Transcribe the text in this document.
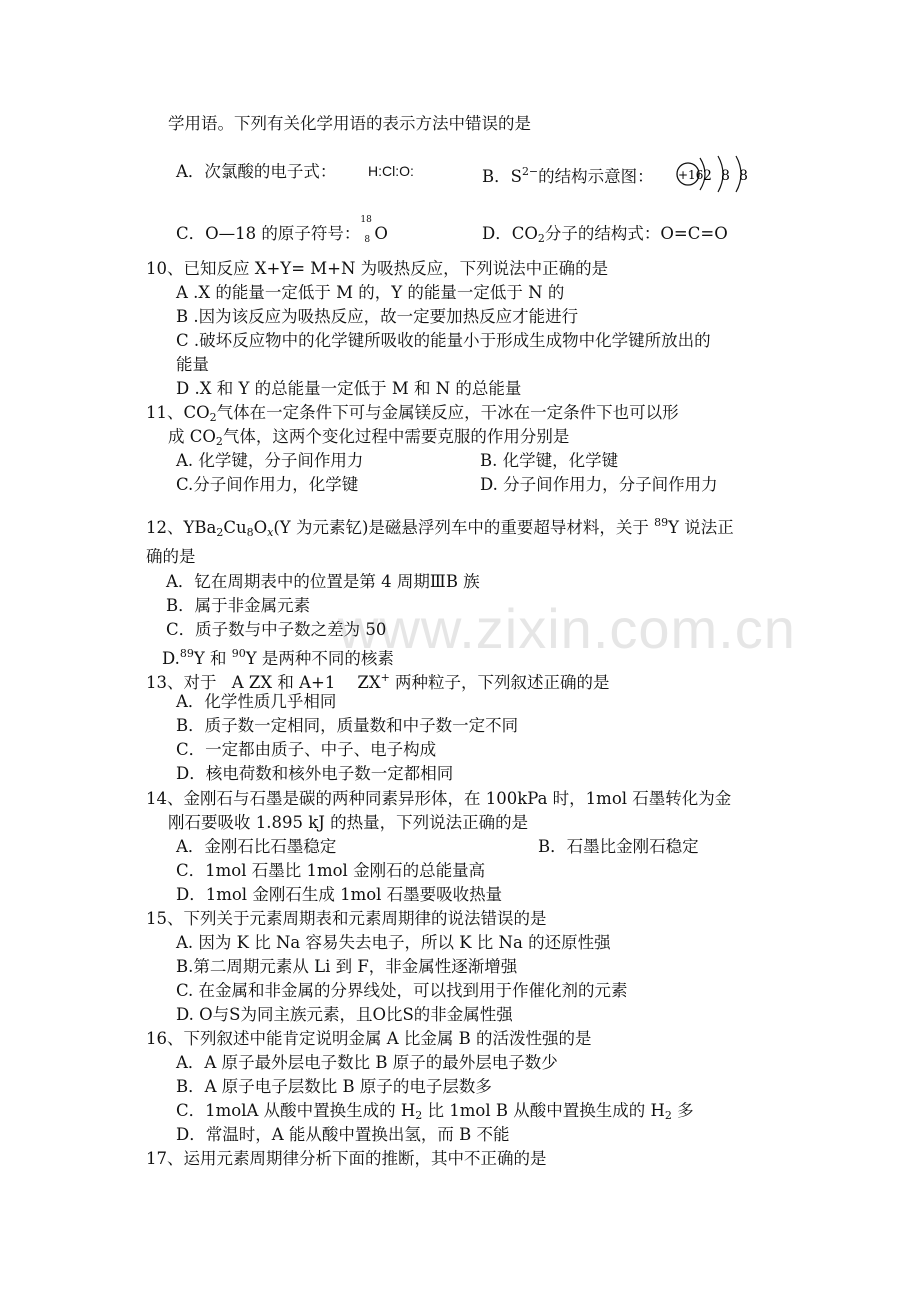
www.zixin.com.cn
学用语。下列有关化学用语的表示方法中错误的是
A．次氯酸的电子式： H:Cl:O:	B．$S^{2-}$的结构示意图： +16 2 8 8
C．O—18 的原子符号：
18
8 O	D．$CO_2$分子的结构式：O=C=O
10、已知反应 X+Y= M+N 为吸热反应，下列说法中正确的是
A .X 的能量一定低于 M 的，Y 的能量一定低于 N 的
B .因为该反应为吸热反应，故一定要加热反应才能进行
C .破坏反应物中的化学键所吸收的能量小于形成生成物中化学键所放出的
能量
D .X 和 Y 的总能量一定低于 M 和 N 的总能量
11、$CO_2$气体在一定条件下可与金属镁反应，干冰在一定条件下也可以形
成 $CO_2$气体，这两个变化过程中需要克服的作用分别是
A. 化学键，分子间作用力	B. 化学键，化学键
C.分子间作用力，化学键	D. 分子间作用力，分子间作用力
12、$YBa_2Cu_8O_x(Y$ 为元素钇)是磁悬浮列车中的重要超导材料，关于 $^{89}$Y 说法正
确的是
A．钇在周期表中的位置是第 4 周期ⅢB 族
B．属于非金属元素
C．质子数与中子数之差为 50
D.$^{89}$Y 和 $^{90}$Y 是两种不同的核素
13、对于 A ZX 和 A+1 ZX+ 两种粒子，下列叙述正确的是
A．化学性质几乎相同
B．质子数一定相同，质量数和中子数一定不同
C．一定都由质子、中子、电子构成
D．核电荷数和核外电子数一定都相同
14、金刚石与石墨是碳的两种同素异形体，在 100kPa 时，1mol 石墨转化为金
刚石要吸收 1.895 kJ 的热量，下列说法正确的是
A．金刚石比石墨稳定	B．石墨比金刚石稳定
C．1mol 石墨比 1mol 金刚石的总能量高
D．1mol 金刚石生成 1mol 石墨要吸收热量
15、下列关于元素周期表和元素周期律的说法错误的是
A. 因为 K 比 Na 容易失去电子，所以 K 比 Na 的还原性强
B.第二周期元素从 Li 到 F，非金属性逐渐增强
C. 在金属和非金属的分界线处，可以找到用于作催化剂的元素
D. O与S为同主族元素，且O比S的非金属性强
16、下列叙述中能肯定说明金属 A 比金属 B 的活泼性强的是
A．A 原子最外层电子数比 B 原子的最外层电子数少
B．A 原子电子层数比 B 原子的电子层数多
C．1molA 从酸中置换生成的 $H_2$ 比 1mol B 从酸中置换生成的 $H_2$ 多
D．常温时，A 能从酸中置换出氢，而 B 不能
17、运用元素周期律分析下面的推断，其中不正确的是
